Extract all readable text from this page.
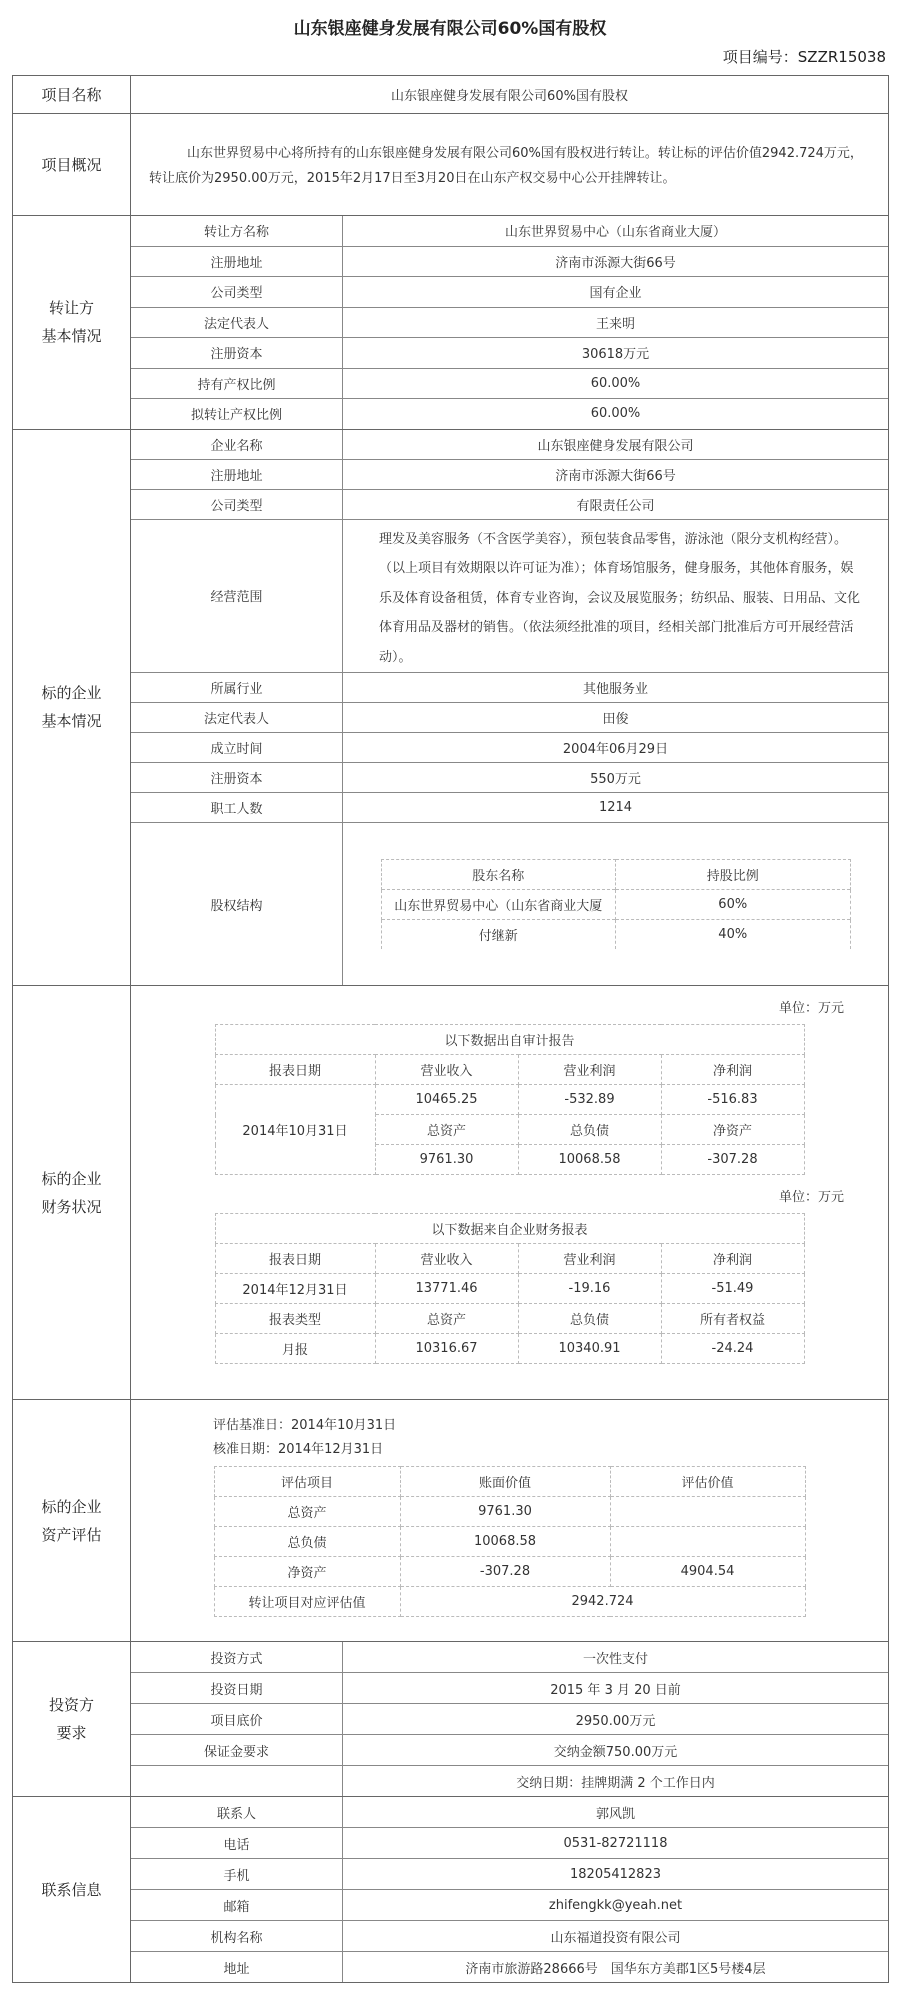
山东银座健身发展有限公司60%国有股权
项目编号：SZZR15038
项目名称	山东银座健身发展有限公司60%国有股权
项目概况	
山东世界贸易中心将所持有的山东银座健身发展有限公司60%国有股权进行转让。转让标的评估价值2942.724万元，转让底价为2950.00万元，2015年2月17日至3月20日在山东产权交易中心公开挂牌转让。

转让方
基本情况	
转让方名称	山东世界贸易中心（山东省商业大厦）
注册地址	济南市泺源大街66号
公司类型	国有企业
法定代表人	王来明
注册资本	30618万元
持有产权比例	60.00%
拟转让产权比例	60.00%

标的企业
基本情况	
企业名称	山东银座健身发展有限公司
注册地址	济南市泺源大街66号
公司类型	有限责任公司
经营范围	理发及美容服务（不含医学美容），预包装食品零售，游泳池（限分支机构经营）。（以上项目有效期限以许可证为准）；体育场馆服务，健身服务，其他体育服务，娱乐及体育设备租赁，体育专业咨询，会议及展览服务；纺织品、服装、日用品、文化体育用品及器材的销售。（依法须经批准的项目，经相关部门批准后方可开展经营活动）。
所属行业	其他服务业
法定代表人	田俊
成立时间	2004年06月29日
注册资本	550万元
职工人数	1214
股权结构	
股东名称	持股比例
山东世界贸易中心（山东省商业大厦	60%
付继新	40%

标的企业
财务状况	
单位：万元
以下数据出自审计报告
报表日期	营业收入	营业利润	净利润
2014年10月31日	10465.25	-532.89	-516.83
总资产	总负债	净资产
9761.30	10068.58	-307.28
单位：万元
以下数据来自企业财务报表
报表日期	营业收入	营业利润	净利润
2014年12月31日	13771.46	-19.16	-51.49
报表类型	总资产	总负债	所有者权益
月报	10316.67	10340.91	-24.24

标的企业
资产评估	
评估基准日：2014年10月31日
核准日期：2014年12月31日
评估项目	账面价值	评估价值
总资产	9761.30	
总负债	10068.58	
净资产	-307.28	4904.54
转让项目对应评估值	2942.724

投资方
要求	
投资方式	一次性支付
投资日期	2015 年 3 月 20 日前
项目底价	2950.00万元
保证金要求	交纳金额750.00万元
	交纳日期：挂牌期满 2 个工作日内

联系信息	
联系人	郭风凯
电话	0531-82721118
手机	18205412823
邮箱	zhifengkk@yeah.net
机构名称	山东福道投资有限公司
地址	济南市旅游路28666号　国华东方美郡1区5号楼4层
